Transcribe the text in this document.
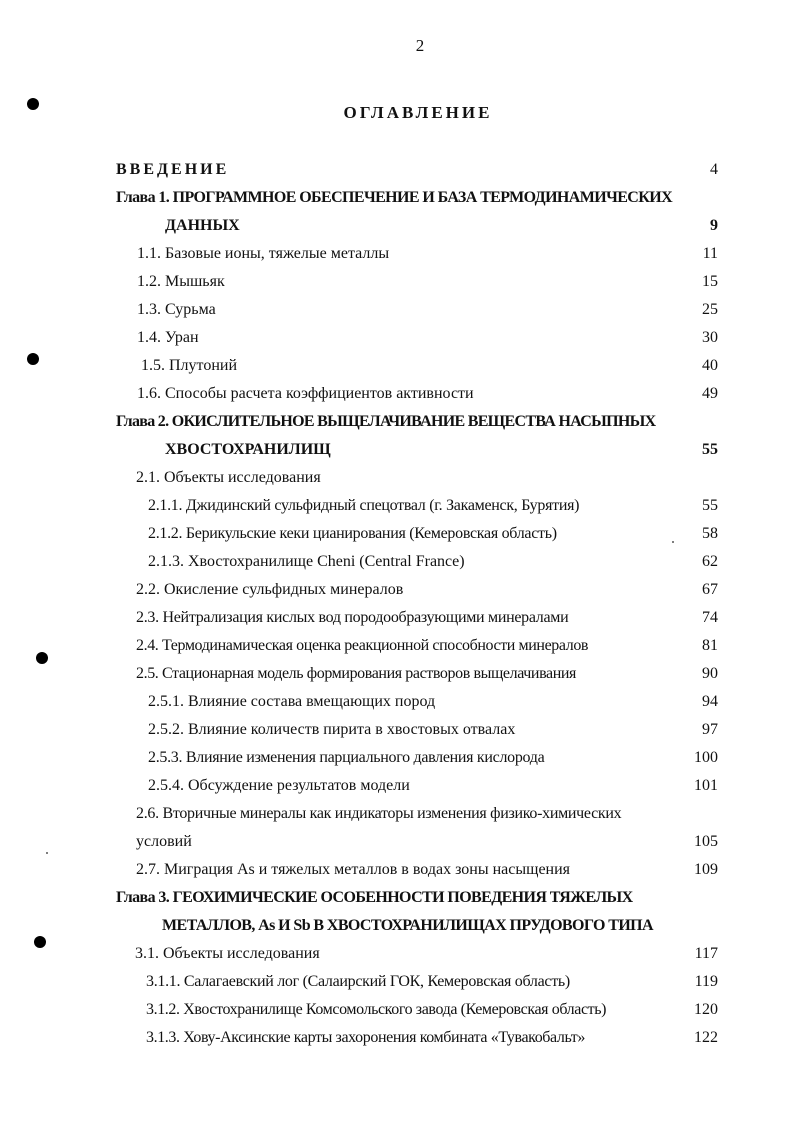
2
ОГЛАВЛЕНИЕ
ВВЕДЕНИЕ	4
Глава 1. ПРОГРАММНОЕ ОБЕСПЕЧЕНИЕ И БАЗА ТЕРМОДИНАМИЧЕСКИХ
ДАННЫХ	9
1.1. Базовые ионы, тяжелые металлы	11
1.2. Мышьяк	15
1.3. Сурьма	25
1.4. Уран	30
1.5. Плутоний	40
1.6. Способы расчета коэффициентов активности	49
Глава 2. ОКИСЛИТЕЛЬНОЕ ВЫЩЕЛАЧИВАНИЕ ВЕЩЕСТВА НАСЫПНЫХ
ХВОСТОХРАНИЛИЩ	55
2.1. Объекты исследования
2.1.1. Джидинский сульфидный спецотвал (г. Закаменск, Бурятия)	55
2.1.2. Берикульские кеки цианирования (Кемеровская область)	58
2.1.3. Хвостохранилище Cheni (Central France)	62
2.2. Окисление сульфидных минералов	67
2.3. Нейтрализация кислых вод породообразующими минералами	74
2.4. Термодинамическая оценка реакционной способности минералов	81
2.5. Стационарная модель формирования растворов выщелачивания	90
2.5.1. Влияние состава вмещающих пород	94
2.5.2. Влияние количеств пирита в хвостовых отвалах	97
2.5.3. Влияние изменения парциального давления кислорода	100
2.5.4. Обсуждение результатов модели	101
2.6. Вторичные минералы как индикаторы изменения физико-химических
условий	105
2.7. Миграция As и тяжелых металлов в водах зоны насыщения	109
Глава 3. ГЕОХИМИЧЕСКИЕ ОСОБЕННОСТИ ПОВЕДЕНИЯ ТЯЖЕЛЫХ
МЕТАЛЛОВ, As И Sb В ХВОСТОХРАНИЛИЩАХ ПРУДОВОГО ТИПА
3.1. Объекты исследования	117
3.1.1. Салагаевский лог (Салаирский ГОК, Кемеровская область)	119
3.1.2. Хвостохранилище Комсомольского завода (Кемеровская область)	120
3.1.3. Хову-Аксинские карты захоронения комбината «Тувакобальт»	122
